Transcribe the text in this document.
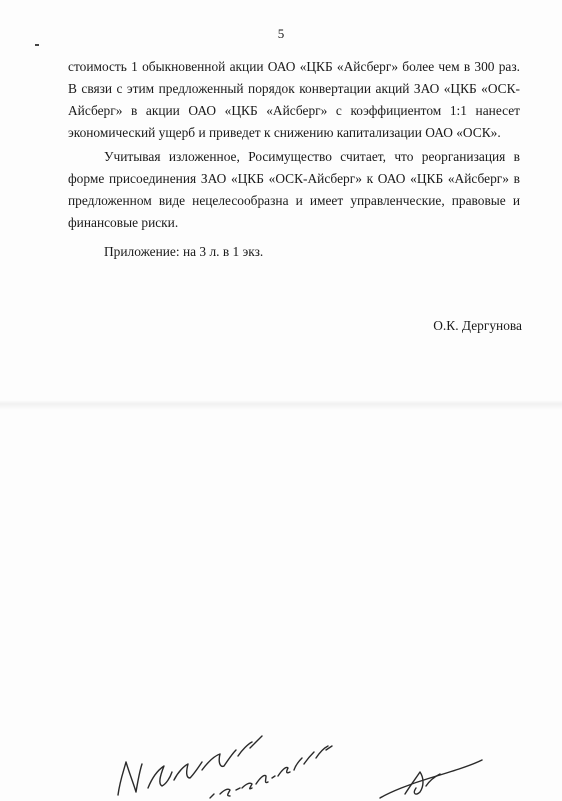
5

стоимость 1 обыкновенной акции ОАО «ЦКБ «Айсберг» более чем в 300 раз. В связи с этим предложенный порядок конвертации акций ЗАО «ЦКБ «ОСК-Айсберг» в акции ОАО «ЦКБ «Айсберг» с коэффициентом 1:1 нанесет экономический ущерб и приведет к снижению капитализации ОАО «ОСК».

Учитывая изложенное, Росимущество считает, что реорганизация в форме присоединения ЗАО «ЦКБ «ОСК-Айсберг» к ОАО «ЦКБ «Айсберг» в предложенном виде нецелесообразна и имеет управленческие, правовые и финансовые риски.

Приложение: на 3 л. в 1 экз.

О.К. Дергунова
